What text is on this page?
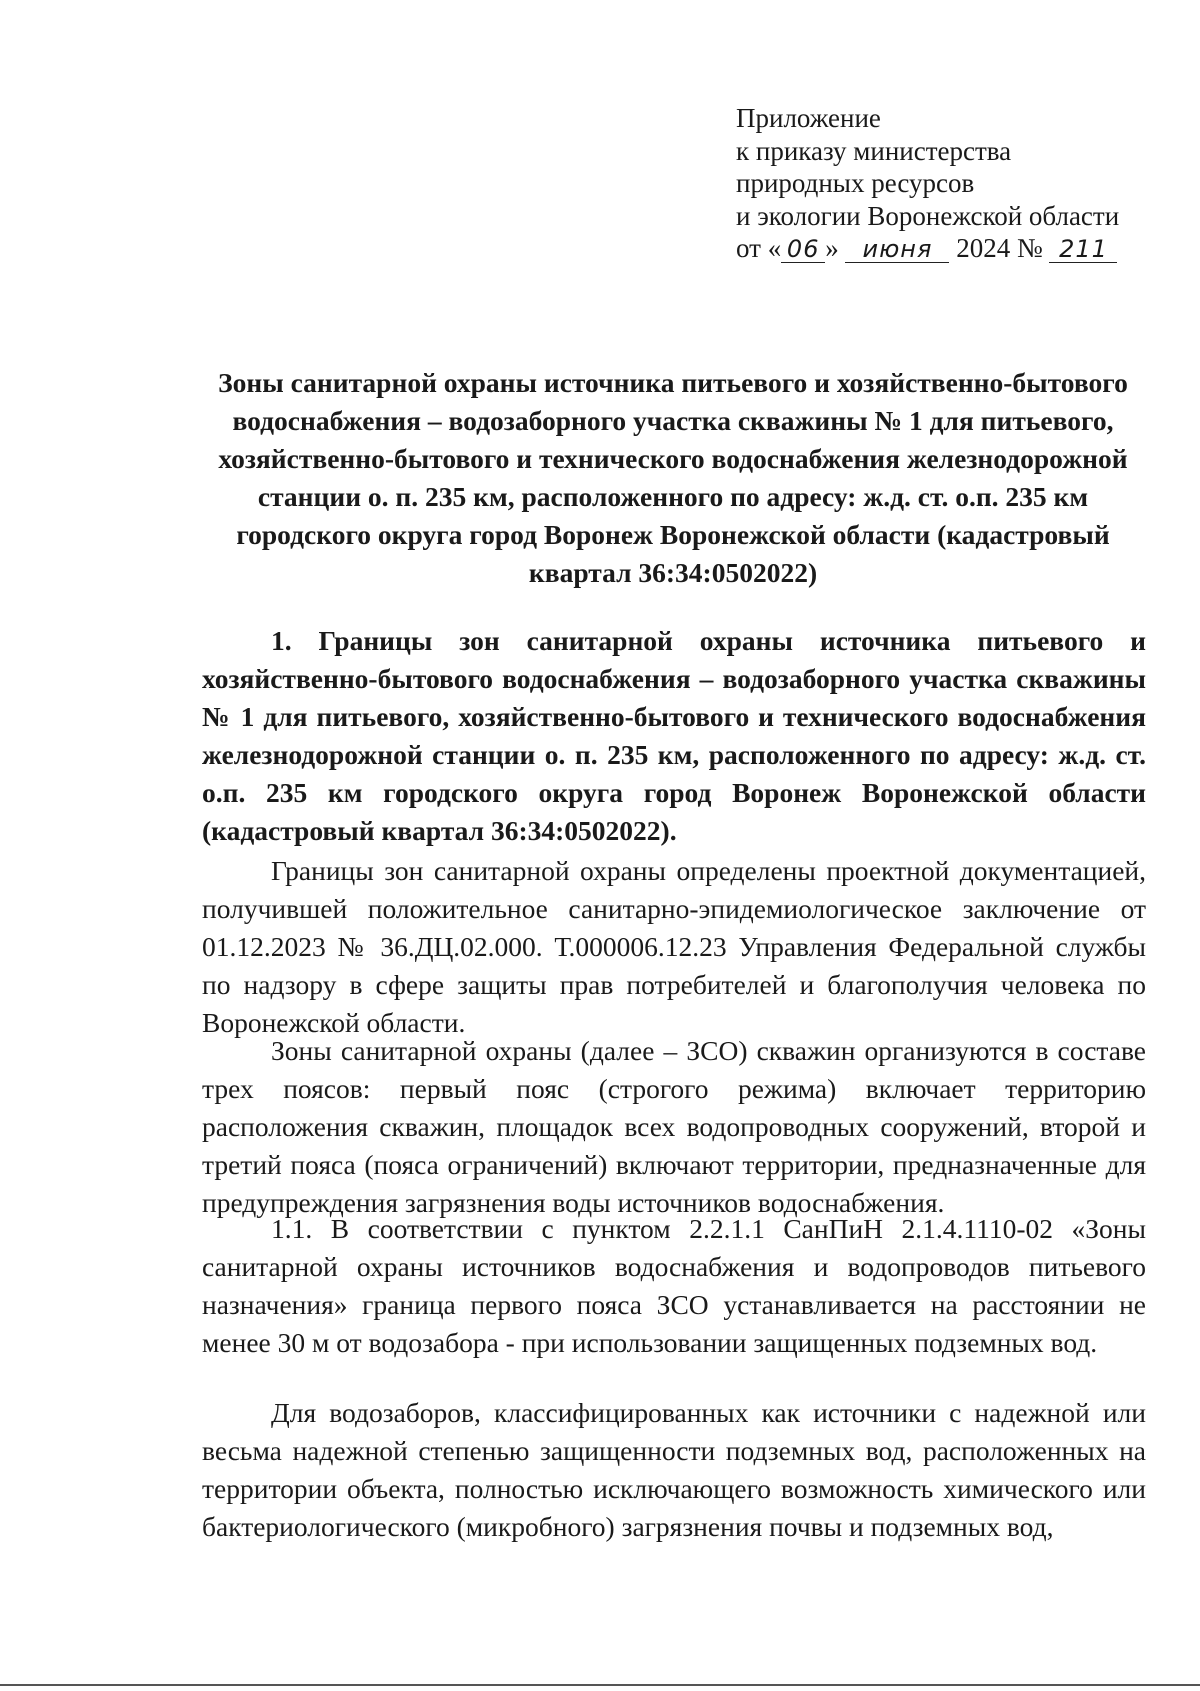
Приложение
к приказу министерства
природных ресурсов
и экологии Воронежской области
от « 06 » июня 2024 № 211
Зоны санитарной охраны источника питьевого и хозяйственно-бытового водоснабжения – водозаборного участка скважины № 1 для питьевого, хозяйственно-бытового и технического водоснабжения железнодорожной станции о. п. 235 км, расположенного по адресу: ж.д. ст. о.п. 235 км городского округа город Воронеж Воронежской области (кадастровый квартал 36:34:0502022)
1. Границы зон санитарной охраны источника питьевого и хозяйственно-бытового водоснабжения – водозаборного участка скважины № 1 для питьевого, хозяйственно-бытового и технического водоснабжения железнодорожной станции о. п. 235 км, расположенного по адресу: ж.д. ст. о.п. 235 км городского округа город Воронеж Воронежской области (кадастровый квартал 36:34:0502022).

Границы зон санитарной охраны определены проектной документацией, получившей положительное санитарно-эпидемиологическое заключение от 01.12.2023 № 36.ДЦ.02.000. Т.000006.12.23 Управления Федеральной службы по надзору в сфере защиты прав потребителей и благополучия человека по Воронежской области.

Зоны санитарной охраны (далее – ЗСО) скважин организуются в составе трех поясов: первый пояс (строгого режима) включает территорию расположения скважин, площадок всех водопроводных сооружений, второй и третий пояса (пояса ограничений) включают территории, предназначенные для предупреждения загрязнения воды источников водоснабжения.

1.1. В соответствии с пунктом 2.2.1.1 СанПиН 2.1.4.1110-02 «Зоны санитарной охраны источников водоснабжения и водопроводов питьевого назначения» граница первого пояса ЗСО устанавливается на расстоянии не менее 30 м от водозабора - при использовании защищенных подземных вод.

Для водозаборов, классифицированных как источники с надежной или весьма надежной степенью защищенности подземных вод, расположенных на территории объекта, полностью исключающего возможность химического или бактериологического (микробного) загрязнения почвы и подземных вод,
